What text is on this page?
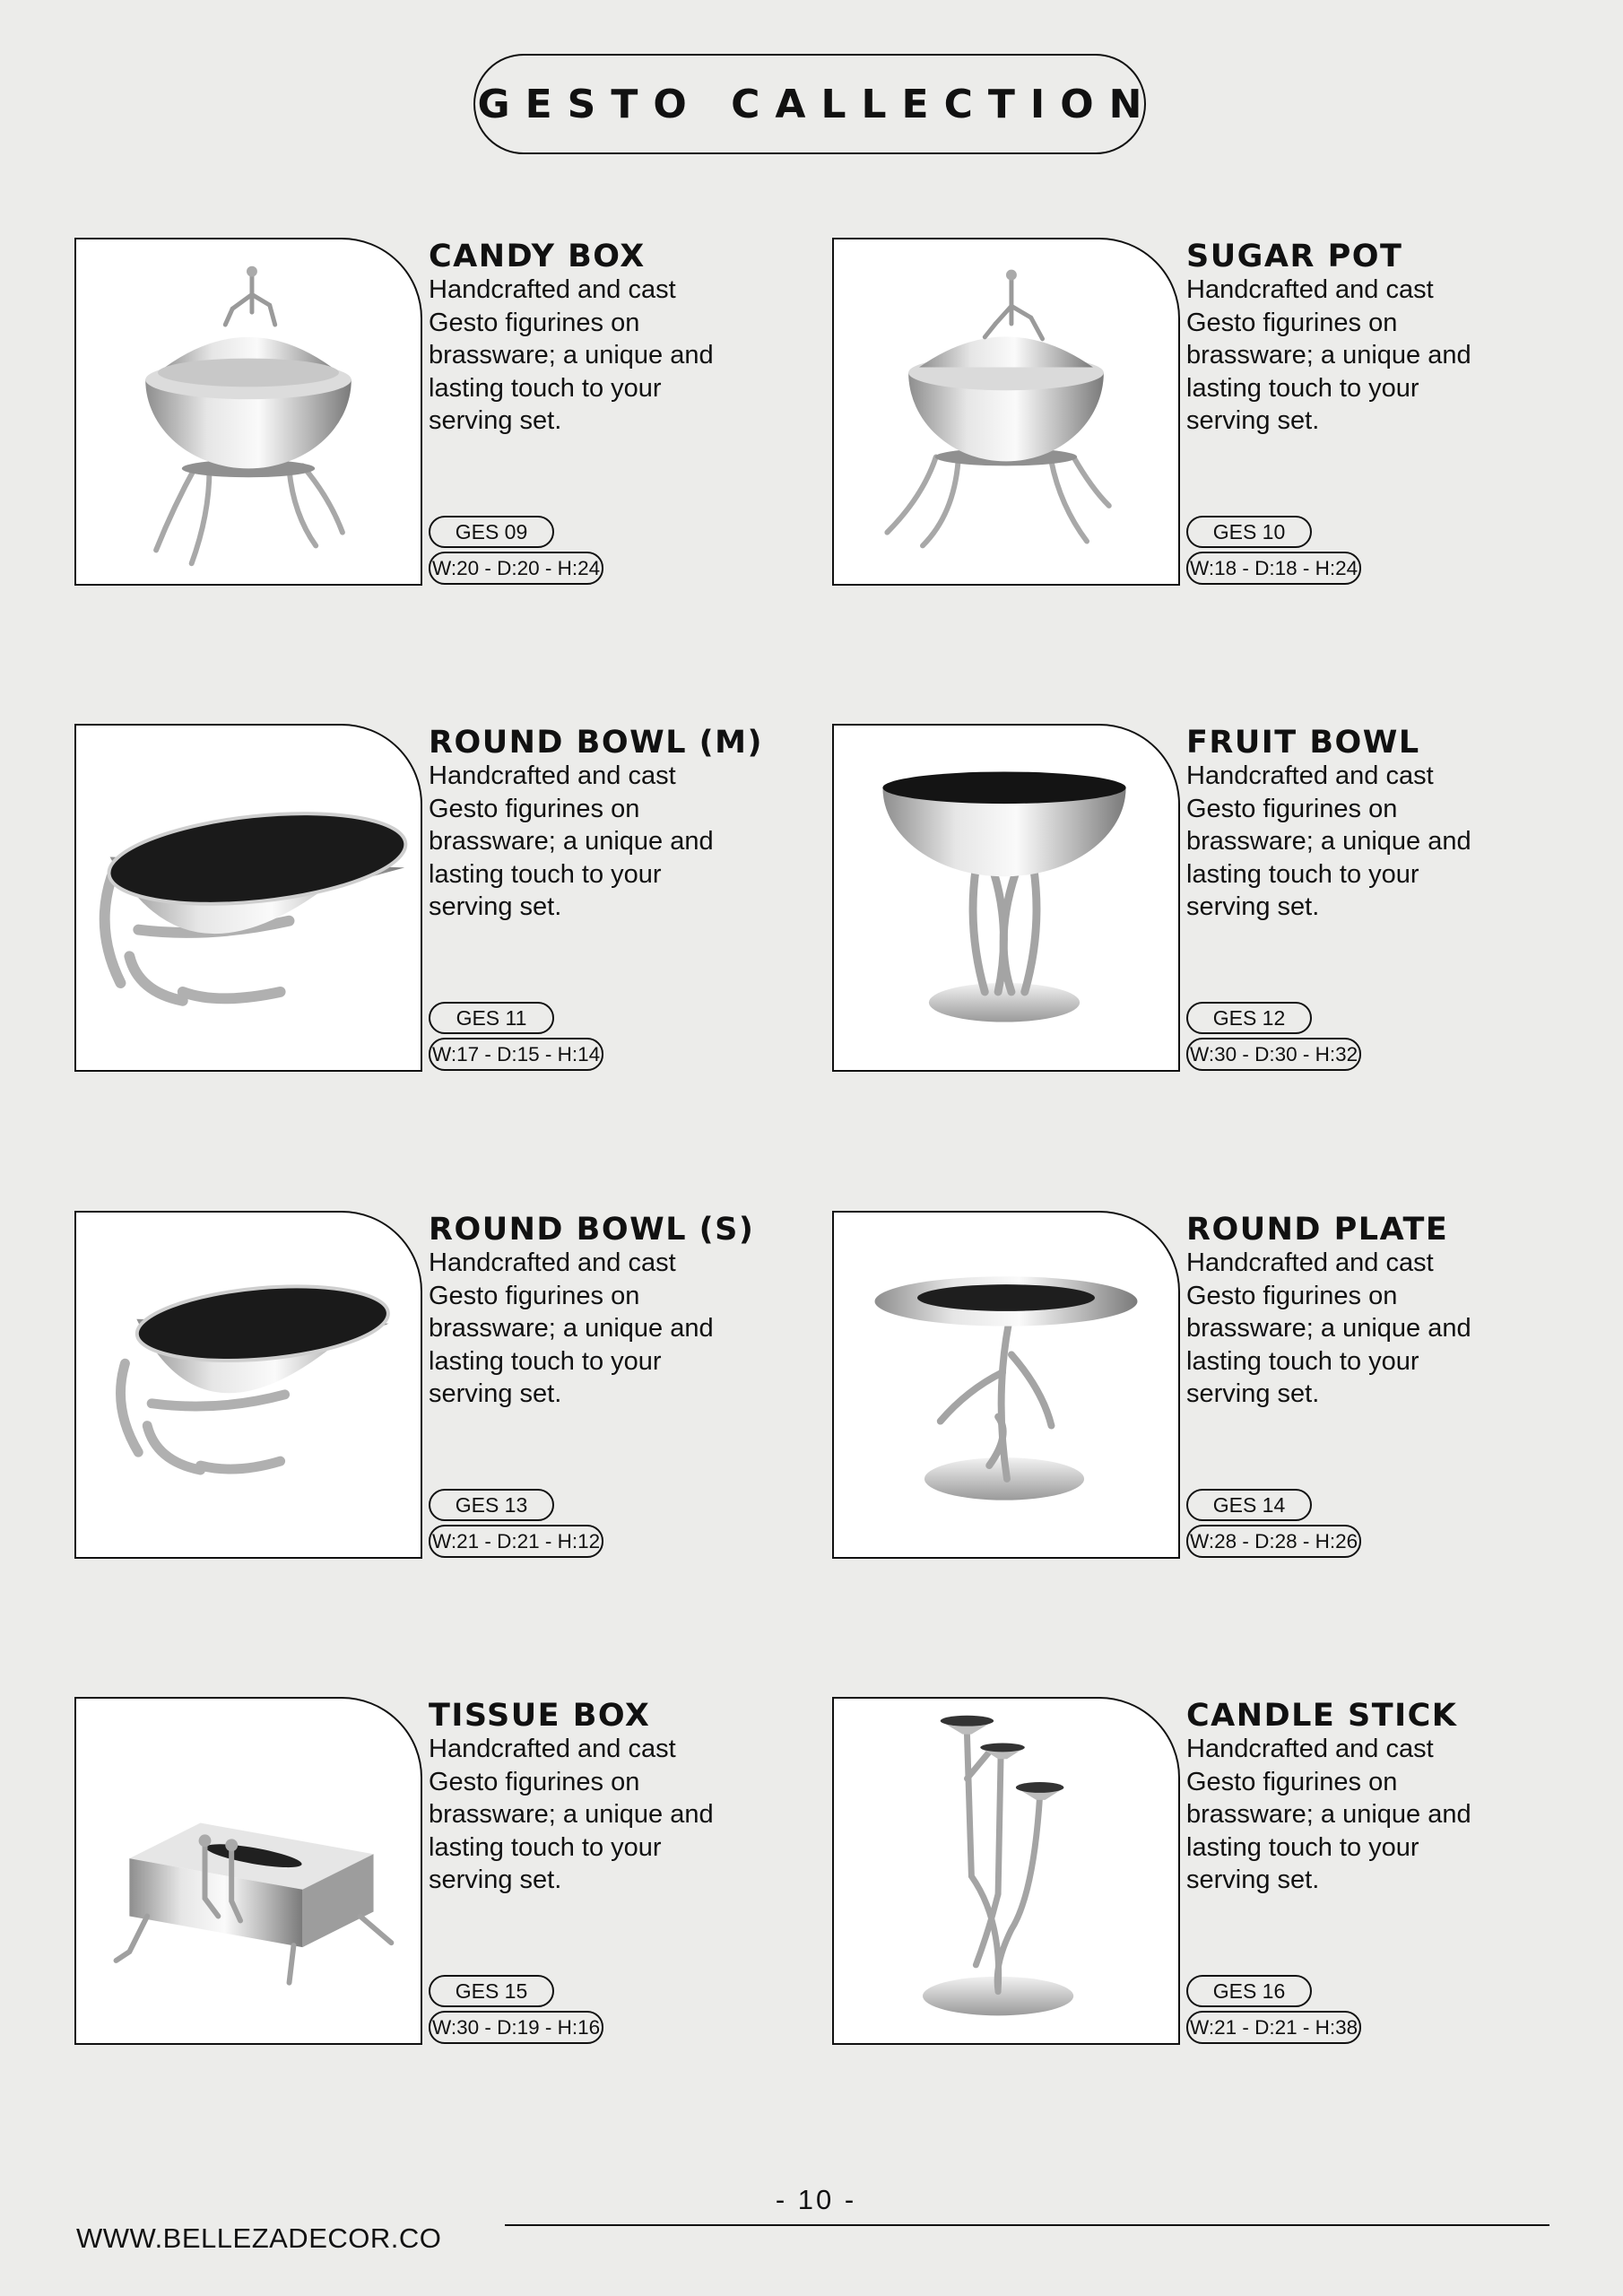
GESTO CALLECTION
CANDY BOX
Handcrafted and cast Gesto figurines on brassware; a unique and lasting touch to your serving set.
GES 09
W:20 - D:20 - H:24
SUGAR POT
Handcrafted and cast Gesto figurines on brassware; a unique and lasting touch to your serving set.
GES 10
W:18 - D:18 - H:24
ROUND BOWL (M)
Handcrafted and cast Gesto figurines on brassware; a unique and lasting touch to your serving set.
GES 11
W:17 - D:15 - H:14
FRUIT BOWL
Handcrafted and cast Gesto figurines on brassware; a unique and lasting touch to your serving set.
GES 12
W:30 - D:30 - H:32
ROUND BOWL (S)
Handcrafted and cast Gesto figurines on brassware; a unique and lasting touch to your serving set.
GES 13
W:21 - D:21 - H:12
ROUND PLATE
Handcrafted and cast Gesto figurines on brassware; a unique and lasting touch to your serving set.
GES 14
W:28 - D:28 - H:26
TISSUE BOX
Handcrafted and cast Gesto figurines on brassware; a unique and lasting touch to your serving set.
GES 15
W:30 - D:19 - H:16
CANDLE STICK
Handcrafted and cast Gesto figurines on brassware; a unique and lasting touch to your serving set.
GES 16
W:21 - D:21 - H:38
- 10 -
WWW.BELLEZADECOR.CO
